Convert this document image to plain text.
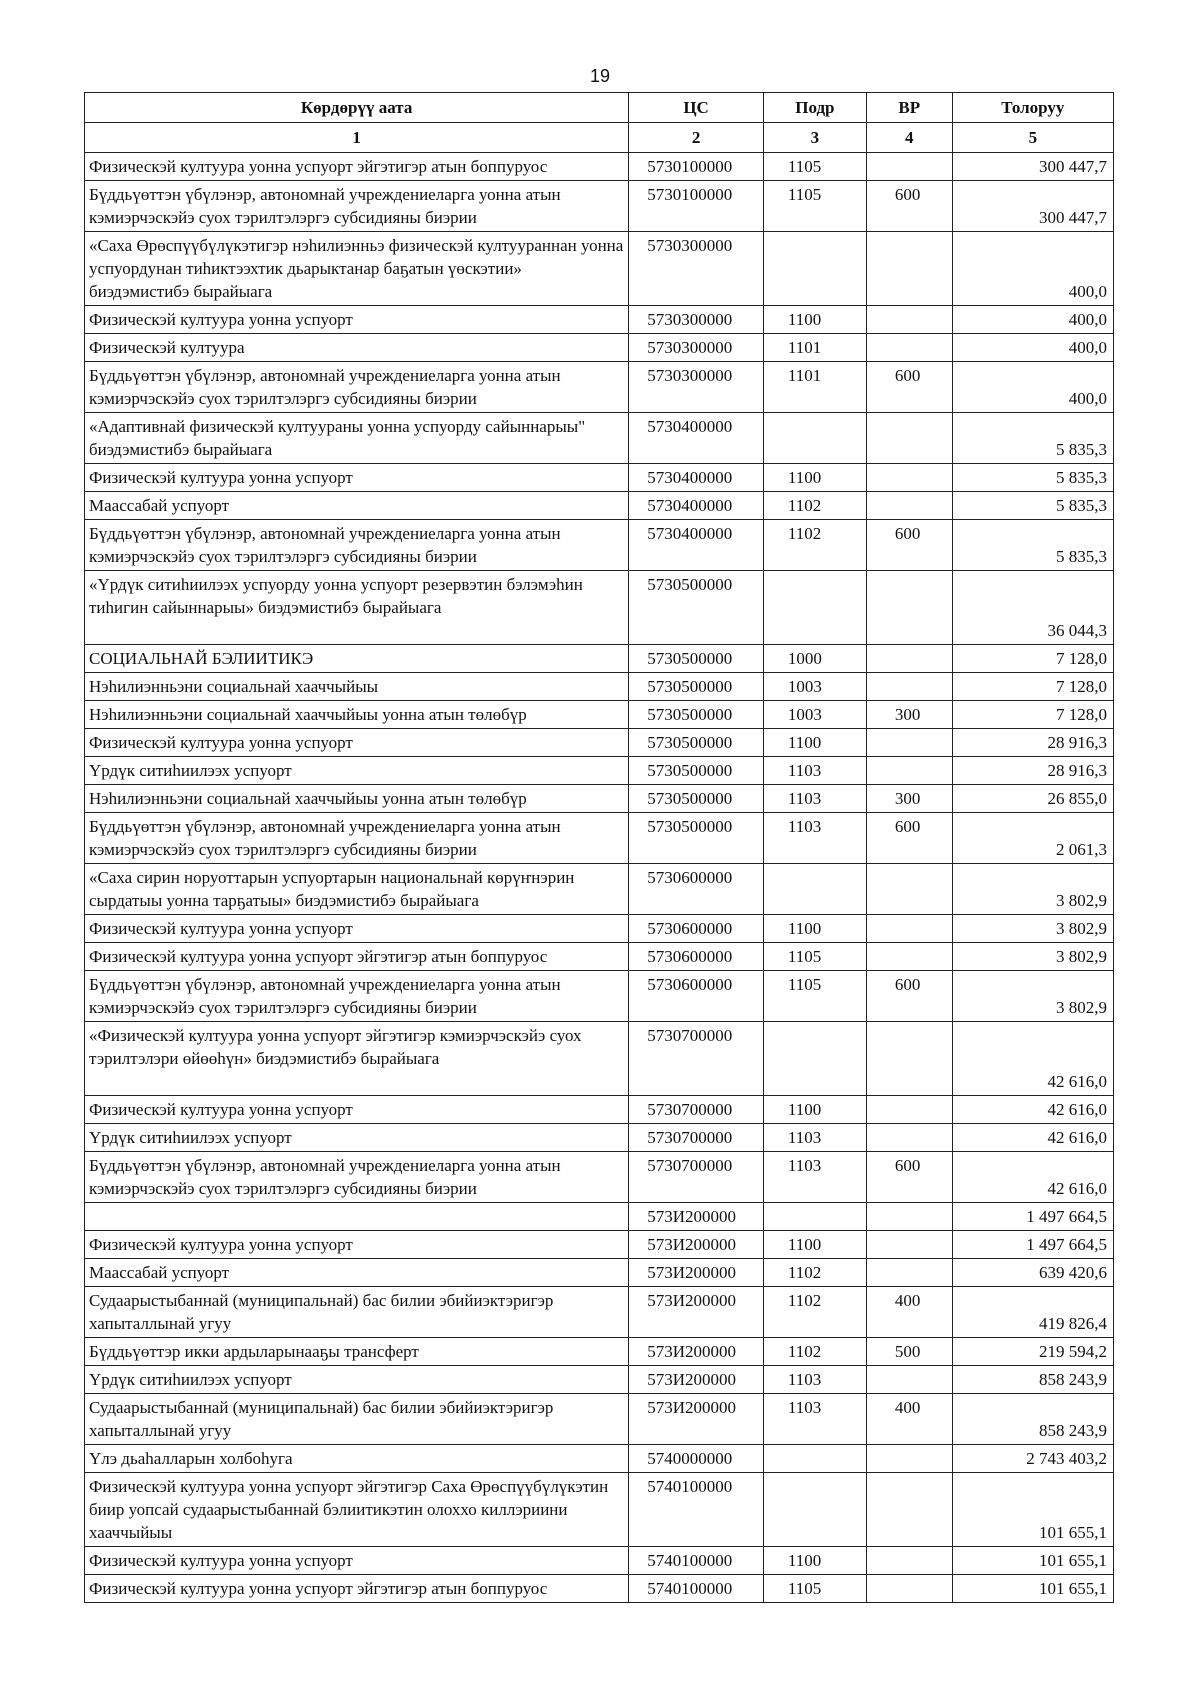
19
Көрдөрүү аата	ЦС	Подр	ВР	Толоруу
1	2	3	4	5
Физическэй култуура уонна успуорт эйгэтигэр атын боппуруос	5730100000	1105		300 447,7
Бүддьүөттэн үбүлэнэр, автономнай учреждениеларга уонна атын кэмиэрчэскэйэ суох тэрилтэлэргэ субсидияны биэрии	5730100000	1105	600	300 447,7
«Саха Өрөспүүбүлүкэтигэр нэһилиэнньэ физическэй култуураннан уонна успуордунан тиһиктээхтик дьарыктанар баҕатын үөскэтии» биэдэмистибэ бырайыага	5730300000			400,0
Физическэй култуура уонна успуорт	5730300000	1100		400,0
Физическэй култуура	5730300000	1101		400,0
Бүддьүөттэн үбүлэнэр, автономнай учреждениеларга уонна атын кэмиэрчэскэйэ суох тэрилтэлэргэ субсидияны биэрии	5730300000	1101	600	400,0
«Адаптивнай физическэй култуураны уонна успуорду сайыннарыы" биэдэмистибэ бырайыага	5730400000			5 835,3
Физическэй култуура уонна успуорт	5730400000	1100		5 835,3
Маассабай успуорт	5730400000	1102		5 835,3
Бүддьүөттэн үбүлэнэр, автономнай учреждениеларга уонна атын кэмиэрчэскэйэ суох тэрилтэлэргэ субсидияны биэрии	5730400000	1102	600	5 835,3
«Үрдүк ситиһиилээх успуорду уонна успуорт резервэтин бэлэмэһин тиһигин сайыннарыы» биэдэмистибэ бырайыага	5730500000			36 044,3
СОЦИАЛЬНАЙ БЭЛИИТИКЭ	5730500000	1000		7 128,0
Нэһилиэнньэни социальнай хааччыйыы	5730500000	1003		7 128,0
Нэһилиэнньэни социальнай хааччыйыы уонна атын төлөбүр	5730500000	1003	300	7 128,0
Физическэй култуура уонна успуорт	5730500000	1100		28 916,3
Үрдүк ситиһиилээх успуорт	5730500000	1103		28 916,3
Нэһилиэнньэни социальнай хааччыйыы уонна атын төлөбүр	5730500000	1103	300	26 855,0
Бүддьүөттэн үбүлэнэр, автономнай учреждениеларга уонна атын кэмиэрчэскэйэ суох тэрилтэлэргэ субсидияны биэрии	5730500000	1103	600	2 061,3
«Саха сирин норуоттарын успуортарын национальнай көрүҥнэрин сырдатыы уонна тарҕатыы» биэдэмистибэ бырайыага	5730600000			3 802,9
Физическэй култуура уонна успуорт	5730600000	1100		3 802,9
Физическэй култуура уонна успуорт эйгэтигэр атын боппуруос	5730600000	1105		3 802,9
Бүддьүөттэн үбүлэнэр, автономнай учреждениеларга уонна атын кэмиэрчэскэйэ суох тэрилтэлэргэ субсидияны биэрии	5730600000	1105	600	3 802,9
«Физическэй култуура уонна успуорт эйгэтигэр кэмиэрчэскэйэ суох тэрилтэлэри өйөөһүн» биэдэмистибэ бырайыага	5730700000			42 616,0
Физическэй култуура уонна успуорт	5730700000	1100		42 616,0
Үрдүк ситиһиилээх успуорт	5730700000	1103		42 616,0
Бүддьүөттэн үбүлэнэр, автономнай учреждениеларга уонна атын кэмиэрчэскэйэ суох тэрилтэлэргэ субсидияны биэрии	5730700000	1103	600	42 616,0
	573И200000			1 497 664,5
Физическэй култуура уонна успуорт	573И200000	1100		1 497 664,5
Маассабай успуорт	573И200000	1102		639 420,6
Судаарыстыбаннай (муниципальнай) бас билии эбийиэктэригэр хапыталлынай угуу	573И200000	1102	400	419 826,4
Бүддьүөттэр икки ардыларынааҕы трансферт	573И200000	1102	500	219 594,2
Үрдүк ситиһиилээх успуорт	573И200000	1103		858 243,9
Судаарыстыбаннай (муниципальнай) бас билии эбийиэктэригэр хапыталлынай угуу	573И200000	1103	400	858 243,9
Үлэ дьаһалларын холбоһуга	5740000000			2 743 403,2
Физическэй култуура уонна успуорт эйгэтигэр Саха Өрөспүүбүлүкэтин биир уопсай судаарыстыбаннай бэлиитикэтин олоххо киллэриини хааччыйыы	5740100000			101 655,1
Физическэй култуура уонна успуорт	5740100000	1100		101 655,1
Физическэй култуура уонна успуорт эйгэтигэр атын боппуруос	5740100000	1105		101 655,1
